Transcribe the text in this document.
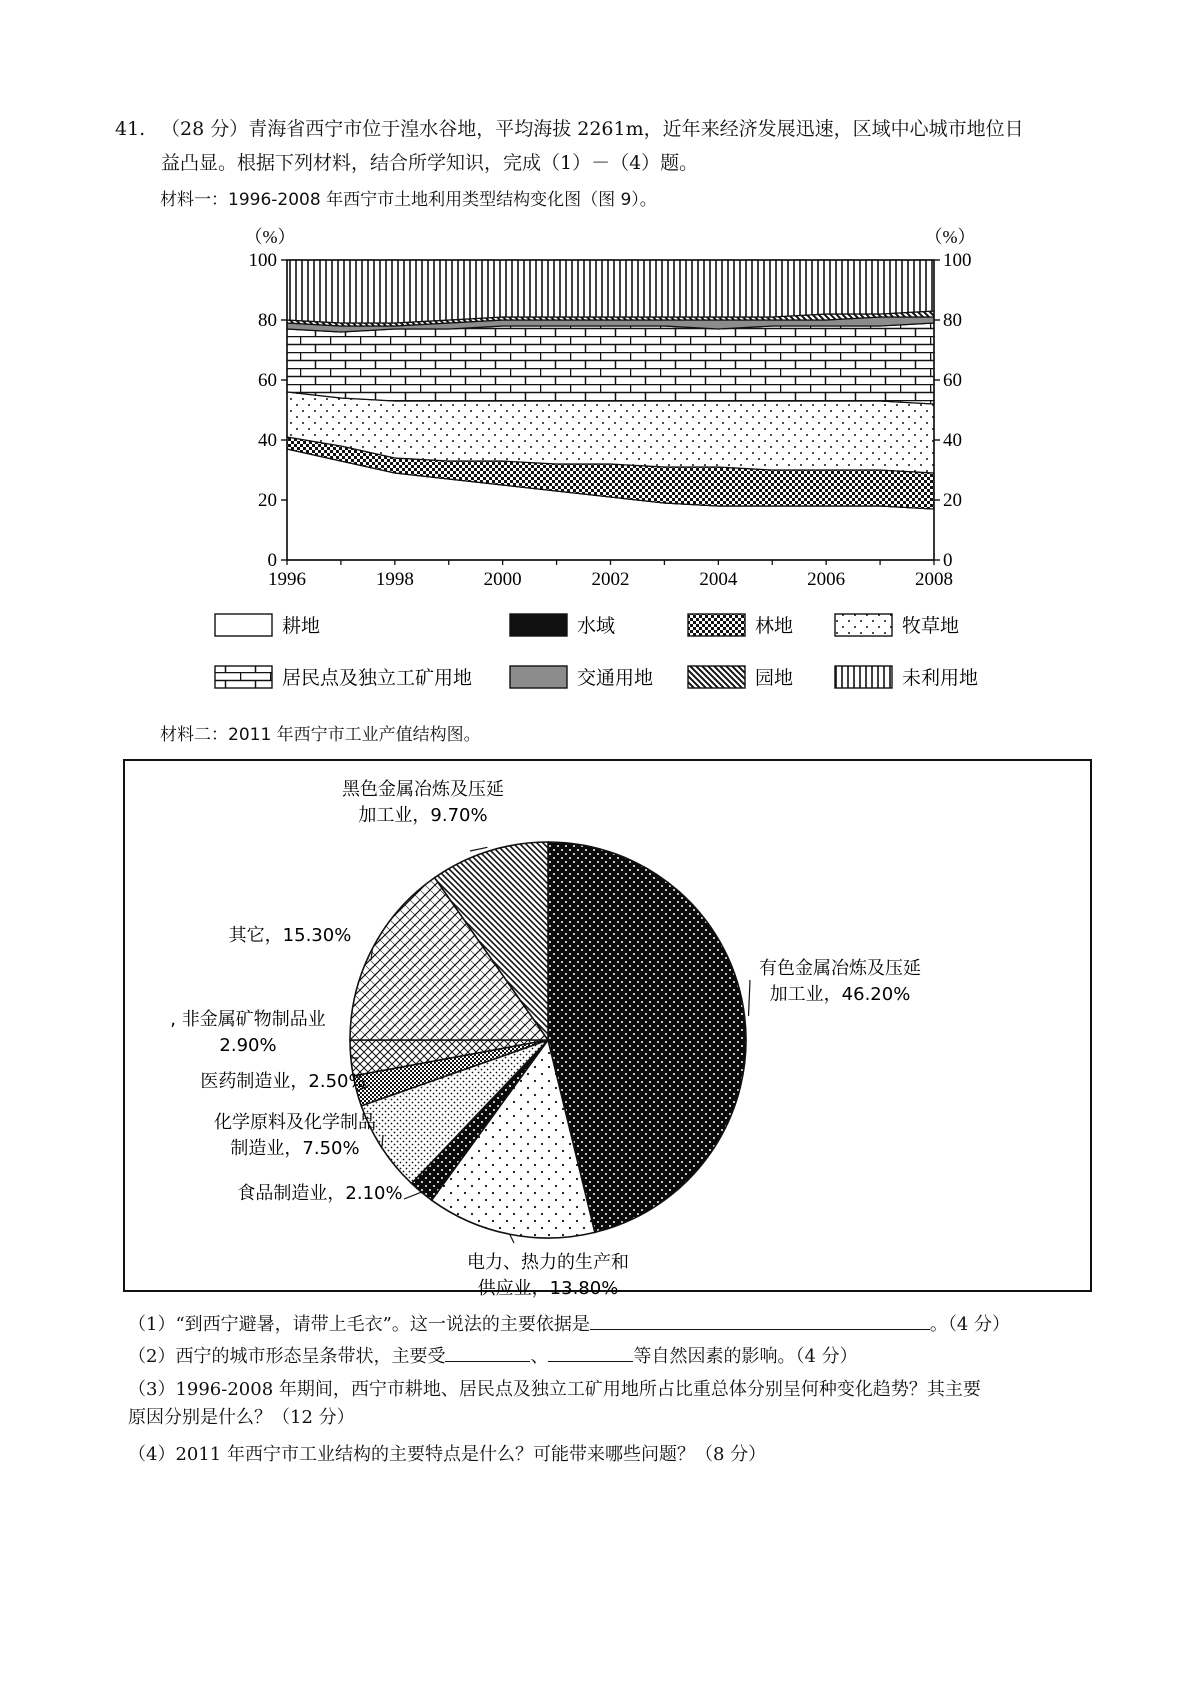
41. （28 分）青海省西宁市位于湟水谷地，平均海拔 2261m，近年来经济发展迅速，区域中心城市地位日
益凸显。根据下列材料，结合所学知识，完成（1）－（4）题。
材料一：1996-2008 年西宁市土地利用类型结构变化图（图 9）。
材料二：2011 年西宁市工业产值结构图。
0	0
20	20
40	40
60	60
80	80
100	100
1996	1998	2000	2002	2004	2006	2008
（%）	（%）
耕地	水域	林地	牧草地
居民点及独立工矿用地	交通用地	园地	未利用地
有色金属冶炼及压延
加工业，46.20%
电力、热力的生产和
供应业，13.80%
食品制造业，2.10%
化学原料及化学制品
制造业，7.50%
医药制造业，2.50%
, 非金属矿物制品业
2.90%
其它，15.30%
黑色金属冶炼及压延
加工业，9.70%
（1）“到西宁避暑，请带上毛衣”。这一说法的主要依据是	。（4 分）
（2）西宁的城市形态呈条带状，主要受	、	等自然因素的影响。（4 分）
（3）1996-2008 年期间，西宁市耕地、居民点及独立工矿用地所占比重总体分别呈何种变化趋势？其主要
原因分别是什么？（12 分）
（4）2011 年西宁市工业结构的主要特点是什么？可能带来哪些问题？（8 分）
